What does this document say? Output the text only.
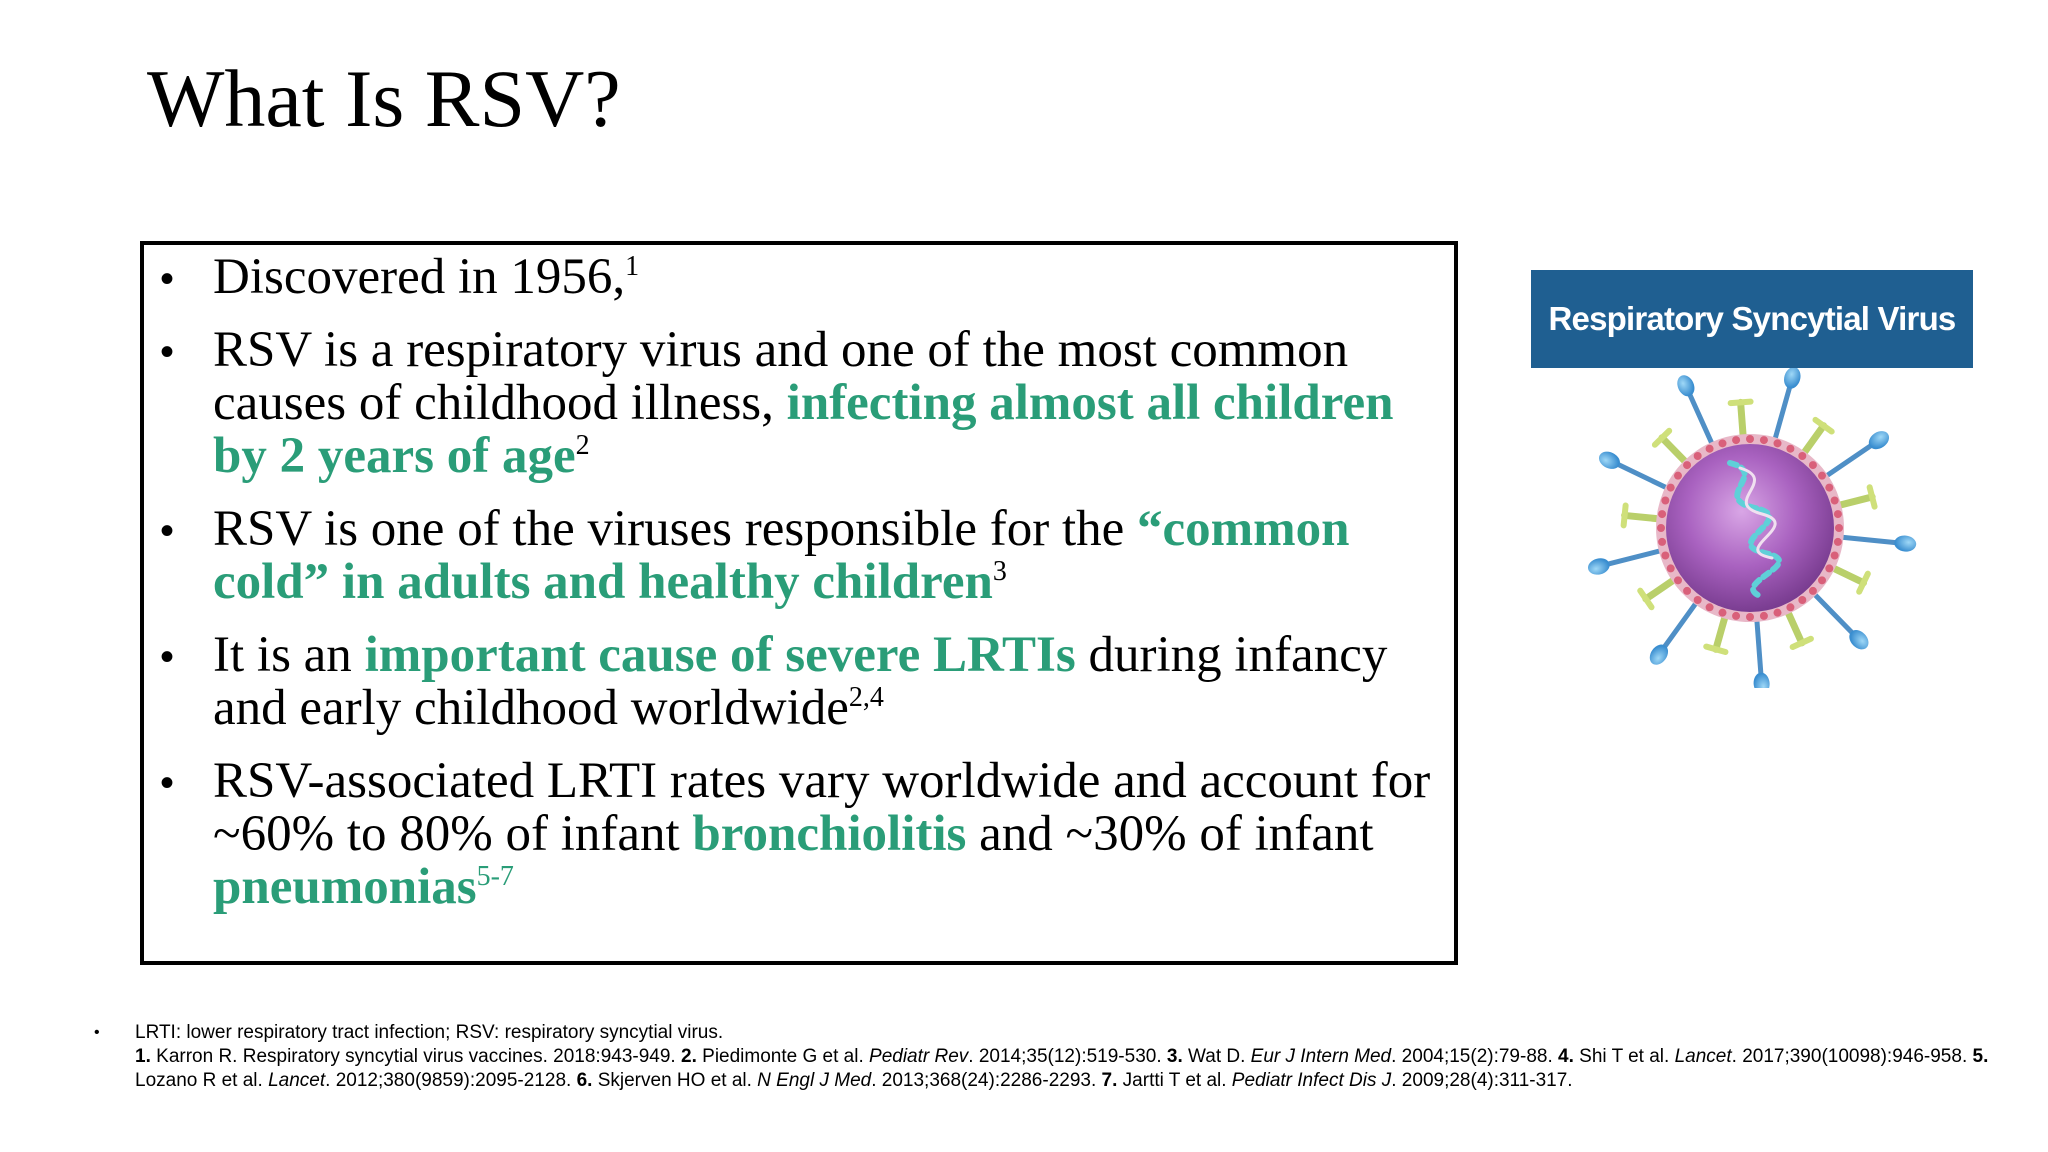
What Is RSV?
• Discovered in 1956,$^1$
• RSV is a respiratory virus and one of the most common causes of childhood illness, infecting almost all children by 2 years of age$^2$
• RSV is one of the viruses responsible for the “common cold” in adults and healthy children$^3$
• It is an important cause of severe LRTIs during infancy and early childhood worldwide$^{2,4}$
• RSV-associated LRTI rates vary worldwide and account for ~60% to 80% of infant bronchiolitis and ~30% of infant pneumonias$^{5-7}$
Respiratory Syncytial Virus
• LRTI: lower respiratory tract infection; RSV: respiratory syncytial virus.
1. Karron R. Respiratory syncytial virus vaccines. 2018:943-949. 2. Piedimonte G et al. Pediatr Rev. 2014;35(12):519-530. 3. Wat D. Eur J Intern Med. 2004;15(2):79-88. 4. Shi T et al. Lancet. 2017;390(10098):946-958. 5. Lozano R et al. Lancet. 2012;380(9859):2095-2128. 6. Skjerven HO et al. N Engl J Med. 2013;368(24):2286-2293. 7. Jartti T et al. Pediatr Infect Dis J. 2009;28(4):311-317.
